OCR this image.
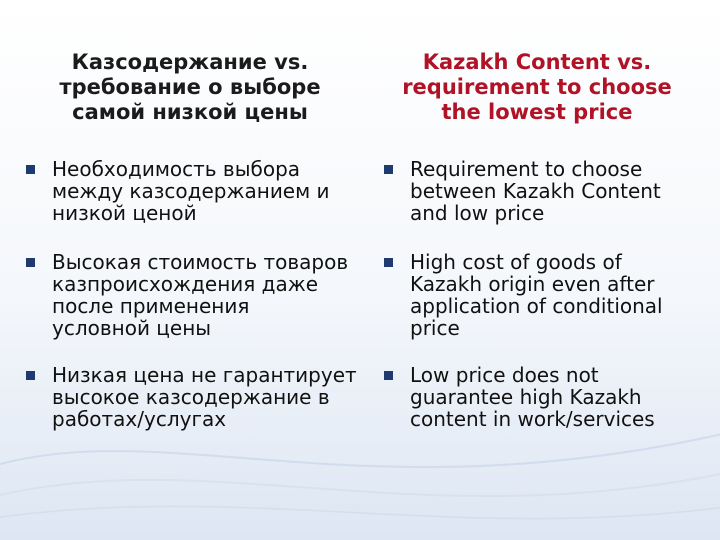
Казсодержание vs.
требование о выборе
самой низкой цены
Kazakh Content vs.
requirement to choose
the lowest price
Необходимость выбора
между казсодержанием и
низкой ценой
Высокая стоимость товаров
казпроисхождения даже
после применения
условной цены
Низкая цена не гарантирует
высокое казсодержание в
работах/услугах
Requirement to choose
between Kazakh Content
and low price
High cost of goods of
Kazakh origin even after
application of conditional
price
Low price does not
guarantee high Kazakh
content in work/services
